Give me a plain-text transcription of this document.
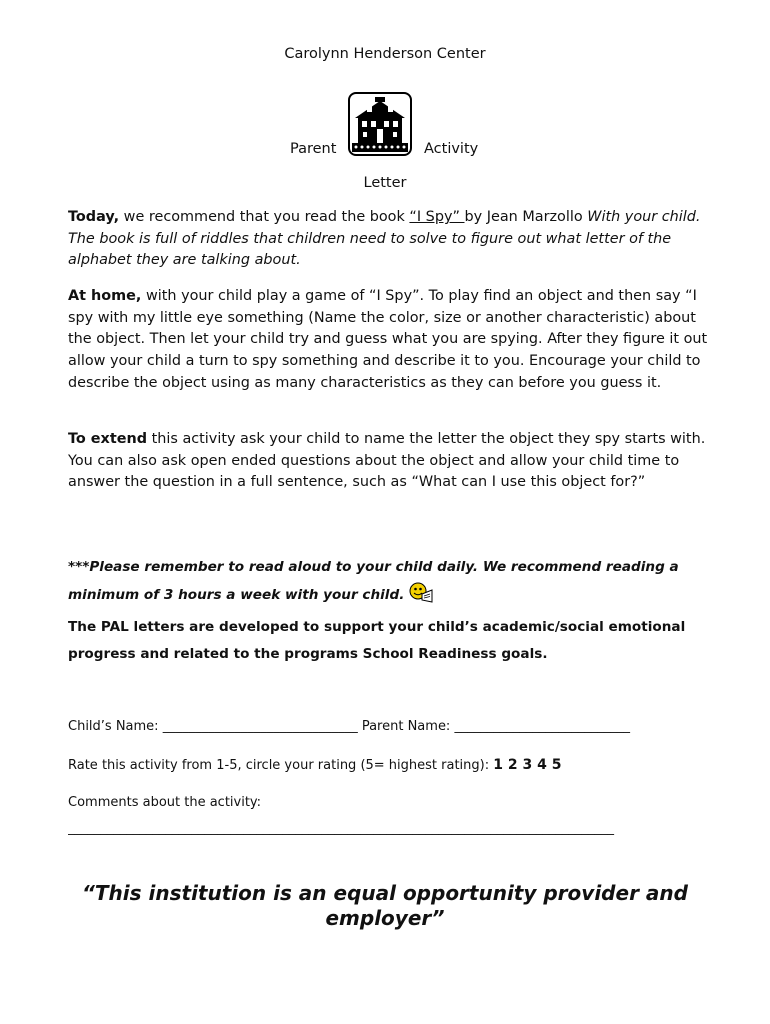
Carolynn Henderson Center
Parent	Activity
Letter
Today, we recommend that you read the book “I Spy” by Jean Marzollo With your child. The book is full of riddles that children need to solve to figure out what letter of the alphabet they are talking about.
At home, with your child play a game of “I Spy”. To play find an object and then say “I spy with my little eye something (Name the color, size or another characteristic) about the object. Then let your child try and guess what you are spying. After they figure it out allow your child a turn to spy something and describe it to you. Encourage your child to describe the object using as many characteristics as they can before you guess it.
To extend this activity ask your child to name the letter the object they spy starts with. You can also ask open ended questions about the object and allow your child time to answer the question in a full sentence, such as “What can I use this object for?”
***Please remember to read aloud to your child daily. We recommend reading a minimum of 3 hours a week with your child.
The PAL letters are developed to support your child’s academic/social emotional progress and related to the programs School Readiness goals.
Child’s Name: ______________________________ Parent Name: ___________________________
Rate this activity from 1-5, circle your rating (5= highest rating): 1 2 3 4 5
Comments about the activity:
____________________________________________________________________________________
“This institution is an equal opportunity provider and employer”
